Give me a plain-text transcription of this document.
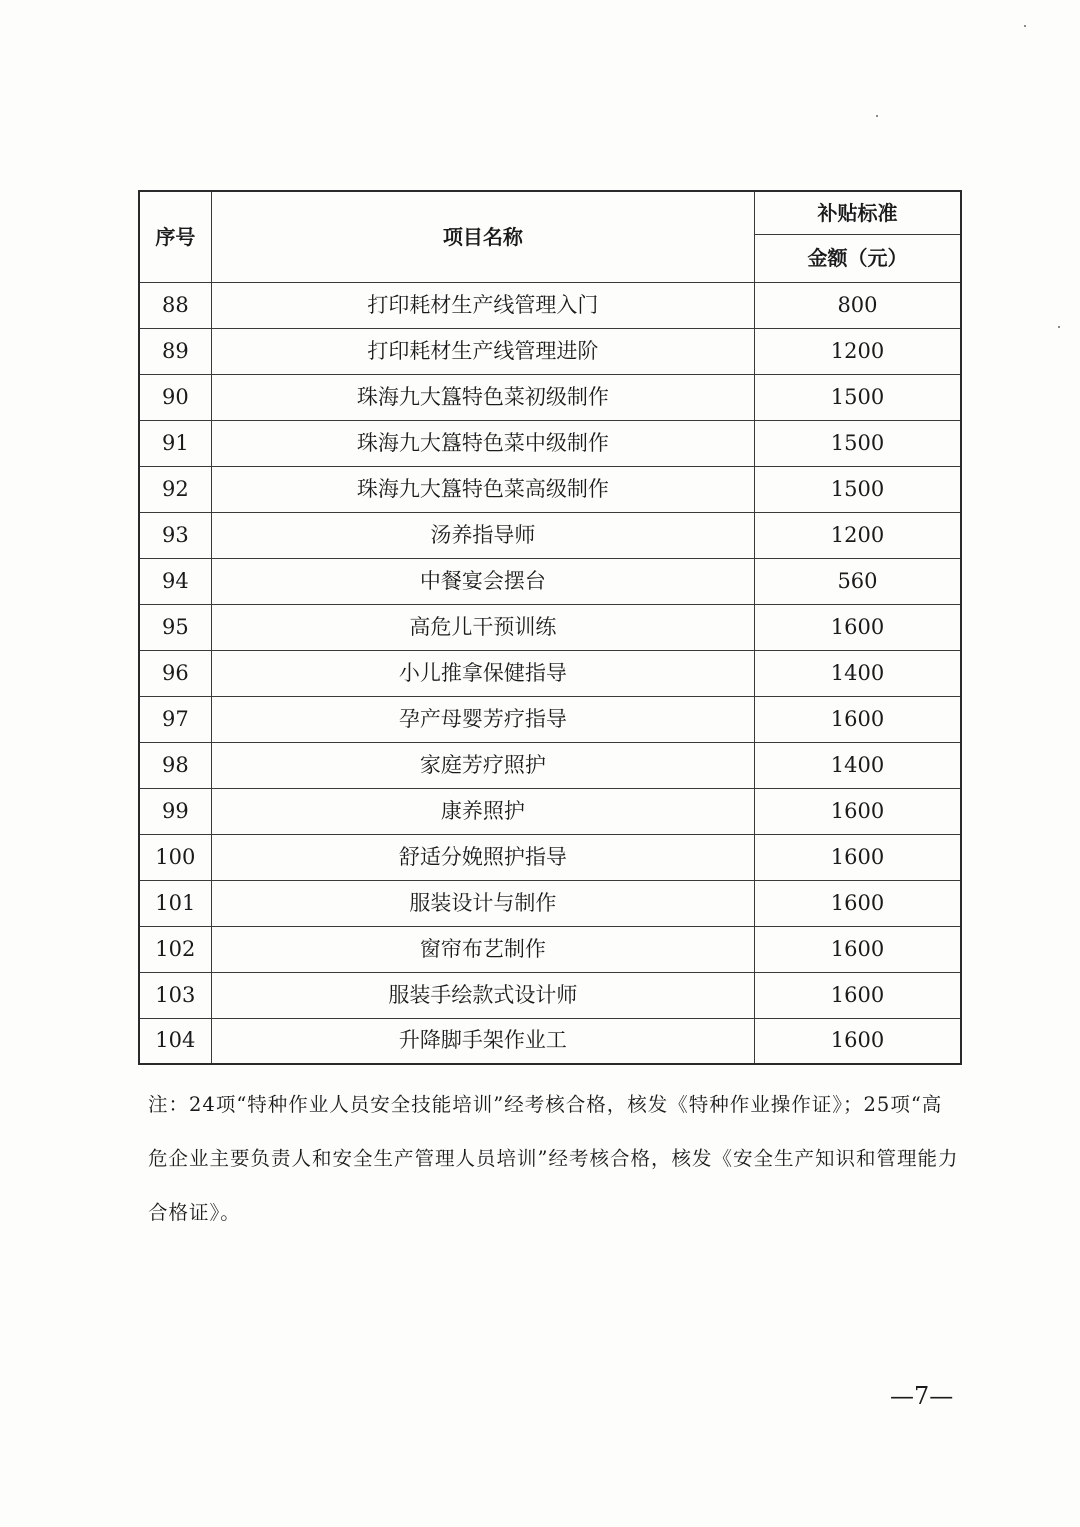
序号	项目名称	补贴标准
		金额（元）
88	打印耗材生产线管理入门	800
89	打印耗材生产线管理进阶	1200
90	珠海九大簋特色菜初级制作	1500
91	珠海九大簋特色菜中级制作	1500
92	珠海九大簋特色菜高级制作	1500
93	汤养指导师	1200
94	中餐宴会摆台	560
95	高危儿干预训练	1600
96	小儿推拿保健指导	1400
97	孕产母婴芳疗指导	1600
98	家庭芳疗照护	1400
99	康养照护	1600
100	舒适分娩照护指导	1600
101	服装设计与制作	1600
102	窗帘布艺制作	1600
103	服装手绘款式设计师	1600
104	升降脚手架作业工	1600
注：24项“特种作业人员安全技能培训”经考核合格，核发《特种作业操作证》；25项“高危企业主要负责人和安全生产管理人员培训”经考核合格，核发《安全生产知识和管理能力合格证》。
—7—
